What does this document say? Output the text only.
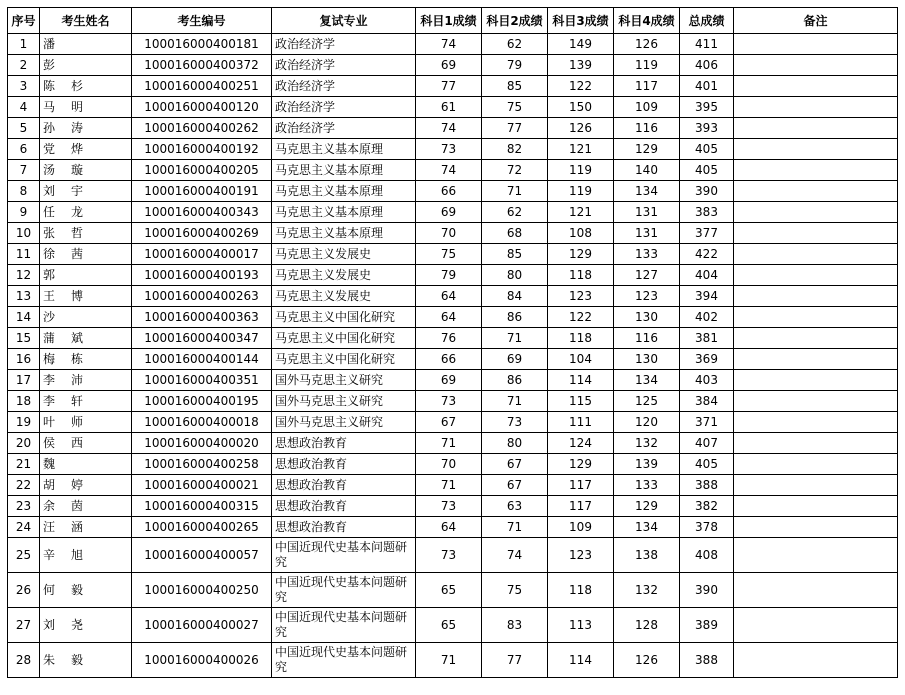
序号	考生姓名	考生编号	复试专业	科目1成绩	科目2成绩	科目3成绩	科目4成绩	总成绩	备注
1	潘	100016000400181	政治经济学	74	62	149	126	411	
2	彭	100016000400372	政治经济学	69	79	139	119	406	
3	陈 杉	100016000400251	政治经济学	77	85	122	117	401	
4	马 明	100016000400120	政治经济学	61	75	150	109	395	
5	孙 涛	100016000400262	政治经济学	74	77	126	116	393	
6	党 烨	100016000400192	马克思主义基本原理	73	82	121	129	405	
7	汤 璇	100016000400205	马克思主义基本原理	74	72	119	140	405	
8	刘 宇	100016000400191	马克思主义基本原理	66	71	119	134	390	
9	任 龙	100016000400343	马克思主义基本原理	69	62	121	131	383	
10	张 哲	100016000400269	马克思主义基本原理	70	68	108	131	377	
11	徐 茜	100016000400017	马克思主义发展史	75	85	129	133	422	
12	郭	100016000400193	马克思主义发展史	79	80	118	127	404	
13	王 博	100016000400263	马克思主义发展史	64	84	123	123	394	
14	沙	100016000400363	马克思主义中国化研究	64	86	122	130	402	
15	蒲 斌	100016000400347	马克思主义中国化研究	76	71	118	116	381	
16	梅 栋	100016000400144	马克思主义中国化研究	66	69	104	130	369	
17	李 沛	100016000400351	国外马克思主义研究	69	86	114	134	403	
18	李 轩	100016000400195	国外马克思主义研究	73	71	115	125	384	
19	叶 师	100016000400018	国外马克思主义研究	67	73	111	120	371	
20	侯 西	100016000400020	思想政治教育	71	80	124	132	407	
21	魏	100016000400258	思想政治教育	70	67	129	139	405	
22	胡 婷	100016000400021	思想政治教育	71	67	117	133	388	
23	余 茵	100016000400315	思想政治教育	73	63	117	129	382	
24	汪 涵	100016000400265	思想政治教育	64	71	109	134	378	
25	辛 旭	100016000400057	中国近现代史基本问题研究	73	74	123	138	408	
26	何 毅	100016000400250	中国近现代史基本问题研究	65	75	118	132	390	
27	刘 尧	100016000400027	中国近现代史基本问题研究	65	83	113	128	389	
28	朱 毅	100016000400026	中国近现代史基本问题研究	71	77	114	126	388	
